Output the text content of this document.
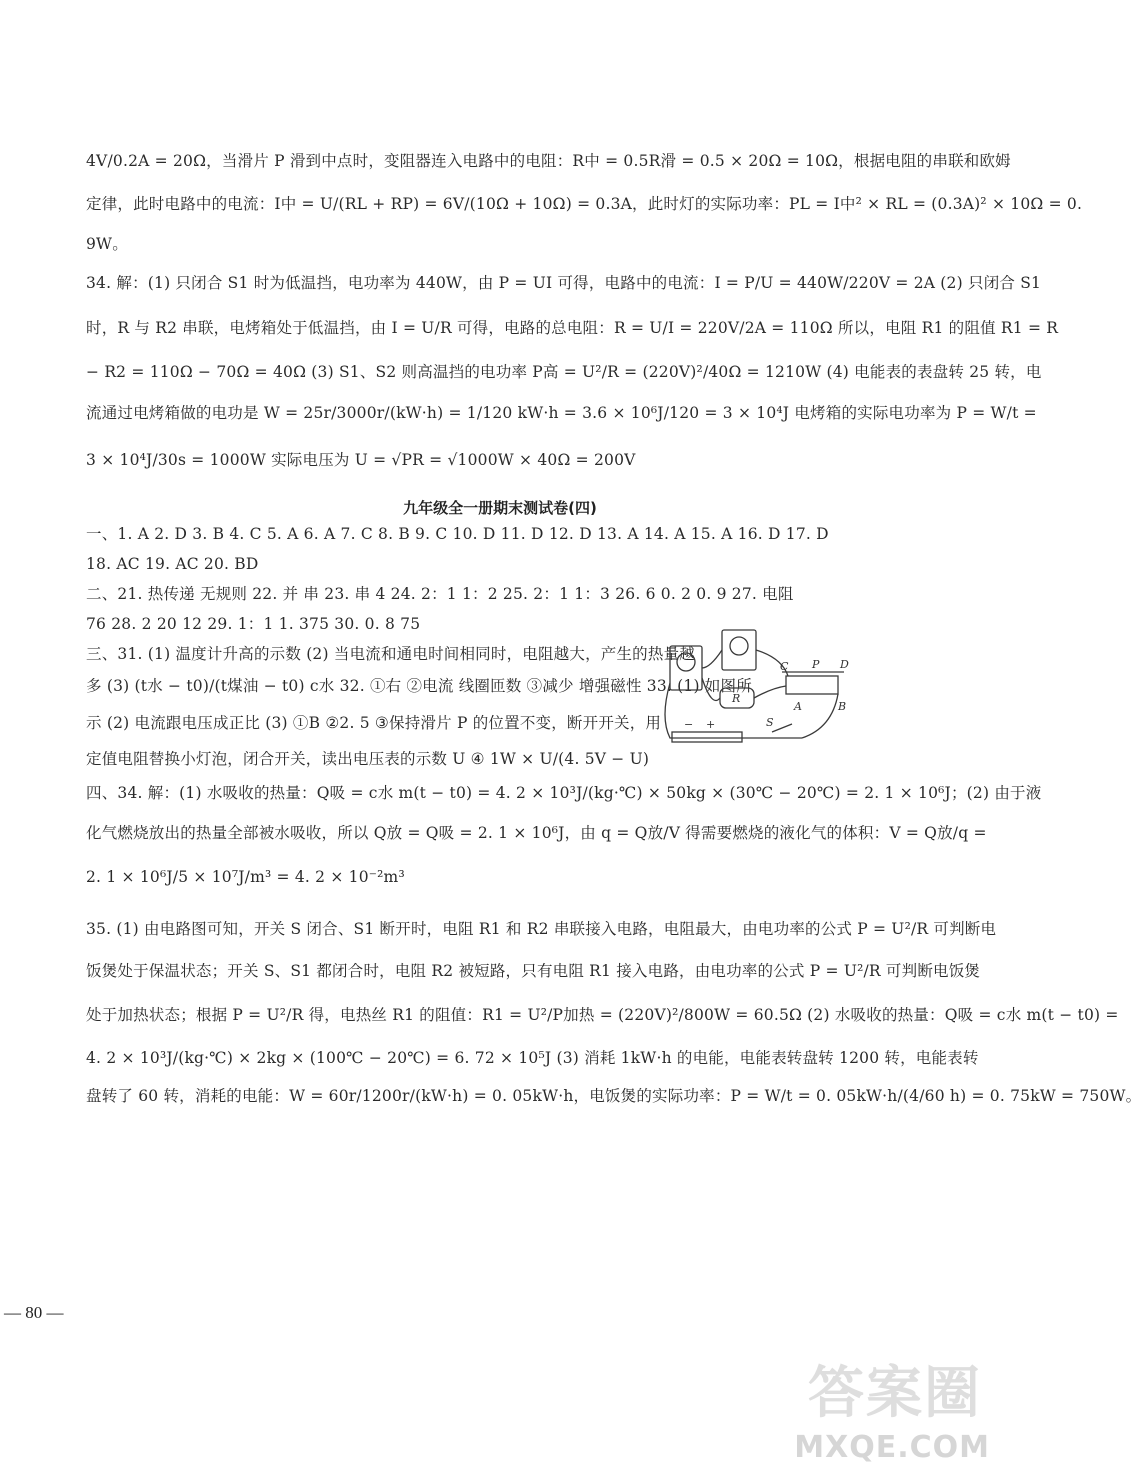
4V/0.2A = 20Ω，当滑片 P 滑到中点时，变阻器连入电路中的电阻：R中 = 0.5R滑 = 0.5 × 20Ω = 10Ω，根据电阻的串联和欧姆
定律，此时电路中的电流：I中 = U/(RL + RP) = 6V/(10Ω + 10Ω) = 0.3A，此时灯的实际功率：PL = I中² × RL = (0.3A)² × 10Ω = 0.
9W。
34. 解：(1) 只闭合 S1 时为低温挡，电功率为 440W，由 P = UI 可得，电路中的电流：I = P/U = 440W/220V = 2A (2) 只闭合 S1
时，R 与 R2 串联，电烤箱处于低温挡，由 I = U/R 可得，电路的总电阻：R = U/I = 220V/2A = 110Ω 所以，电阻 R1 的阻值 R1 = R
− R2 = 110Ω − 70Ω = 40Ω (3) S1、S2 则高温挡的电功率 P高 = U²/R = (220V)²/40Ω = 1210W (4) 电能表的表盘转 25 转，电
流通过电烤箱做的电功是 W = 25r/3000r/(kW·h) = 1/120 kW·h = 3.6 × 10⁶J/120 = 3 × 10⁴J 电烤箱的实际电功率为 P = W/t =
3 × 10⁴J/30s = 1000W 实际电压为 U = √PR = √1000W × 40Ω = 200V
九年级全一册期末测试卷(四)
一、1. A 2. D 3. B 4. C 5. A 6. A 7. C 8. B 9. C 10. D 11. D 12. D 13. A 14. A 15. A 16. D 17. D
18. AC 19. AC 20. BD
二、21. 热传递 无规则 22. 并 串 23. 串 4 24. 2：1 1：2 25. 2：1 1：3 26. 6 0. 2 0. 9 27. 电阻
76 28. 2 20 12 29. 1：1 1. 375 30. 0. 8 75
三、31. (1) 温度计升高的示数 (2) 当电流和通电时间相同时，电阻越大，产生的热量越
多 (3) (t水 − t0)/(t煤油 − t0) c水 32. ①右 ②电流 线圈匝数 ③减少 增强磁性 33. (1) 如图所
示 (2) 电流跟电压成正比 (3) ①B ②2. 5 ③保持滑片 P 的位置不变，断开开关，用
定值电阻替换小灯泡，闭合开关，读出电压表的示数 U ④ 1W × U/(4. 5V − U)
C P D
A	B
R
S
+
−
四、34. 解：(1) 水吸收的热量：Q吸 = c水 m(t − t0) = 4. 2 × 10³J/(kg·℃) × 50kg × (30℃ − 20℃) = 2. 1 × 10⁶J；(2) 由于液
化气燃烧放出的热量全部被水吸收，所以 Q放 = Q吸 = 2. 1 × 10⁶J，由 q = Q放/V 得需要燃烧的液化气的体积：V = Q放/q =
2. 1 × 10⁶J/5 × 10⁷J/m³ = 4. 2 × 10⁻²m³
35. (1) 由电路图可知，开关 S 闭合、S1 断开时，电阻 R1 和 R2 串联接入电路，电阻最大，由电功率的公式 P = U²/R 可判断电
饭煲处于保温状态；开关 S、S1 都闭合时，电阻 R2 被短路，只有电阻 R1 接入电路，由电功率的公式 P = U²/R 可判断电饭煲
处于加热状态；根据 P = U²/R 得，电热丝 R1 的阻值：R1 = U²/P加热 = (220V)²/800W = 60.5Ω (2) 水吸收的热量：Q吸 = c水 m(t − t0) =
4. 2 × 10³J/(kg·℃) × 2kg × (100℃ − 20℃) = 6. 72 × 10⁵J (3) 消耗 1kW·h 的电能，电能表转盘转 1200 转，电能表转
盘转了 60 转，消耗的电能：W = 60r/1200r/(kW·h) = 0. 05kW·h，电饭煲的实际功率：P = W/t = 0. 05kW·h/(4/60 h) = 0. 75kW = 750W。
— 80 —
答案圈
MXQE.COM
